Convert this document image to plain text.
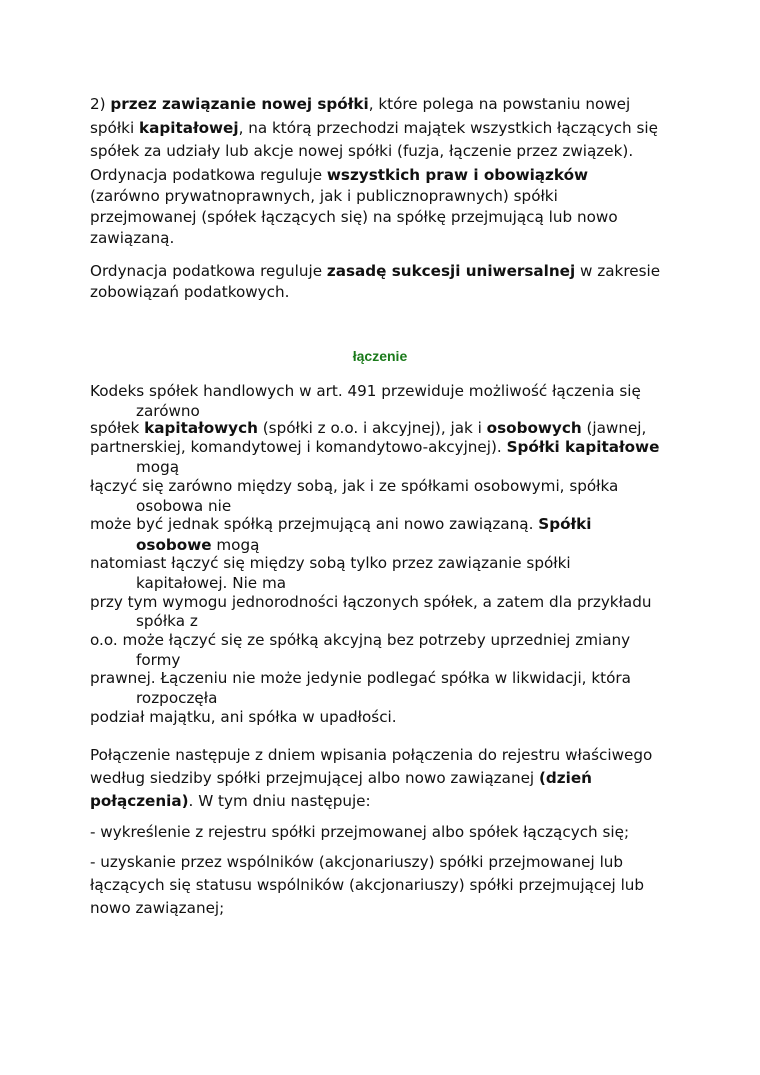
2) przez zawiązanie nowej spółki, które polega na powstaniu nowej
spółki kapitałowej, na którą przechodzi majątek wszystkich łączących się
spółek za udziały lub akcje nowej spółki (fuzja, łączenie przez związek).
Ordynacja podatkowa reguluje wszystkich praw i obowiązków
(zarówno prywatnoprawnych, jak i publicznoprawnych) spółki
przejmowanej (spółek łączących się) na spółkę przejmującą lub nowo
zawiązaną.
Ordynacja podatkowa reguluje zasadę sukcesji uniwersalnej w zakresie
zobowiązań podatkowych.
łączenie
Kodeks spółek handlowych w art. 491 przewiduje możliwość łączenia się
zarówno
spółek kapitałowych (spółki z o.o. i akcyjnej), jak i osobowych (jawnej,
partnerskiej, komandytowej i komandytowo-akcyjnej). Spółki kapitałowe
mogą
łączyć się zarówno między sobą, jak i ze spółkami osobowymi, spółka
osobowa nie
może być jednak spółką przejmującą ani nowo zawiązaną. Spółki
osobowe mogą
natomiast łączyć się między sobą tylko przez zawiązanie spółki
kapitałowej. Nie ma
przy tym wymogu jednorodności łączonych spółek, a zatem dla przykładu
spółka z
o.o. może łączyć się ze spółką akcyjną bez potrzeby uprzedniej zmiany
formy
prawnej. Łączeniu nie może jedynie podlegać spółka w likwidacji, która
rozpoczęła
podział majątku, ani spółka w upadłości.
Połączenie następuje z dniem wpisania połączenia do rejestru właściwego
według siedziby spółki przejmującej albo nowo zawiązanej (dzień
połączenia). W tym dniu następuje:
- wykreślenie z rejestru spółki przejmowanej albo spółek łączących się;
- uzyskanie przez wspólników (akcjonariuszy) spółki przejmowanej lub
łączących się statusu wspólników (akcjonariuszy) spółki przejmującej lub
nowo zawiązanej;
